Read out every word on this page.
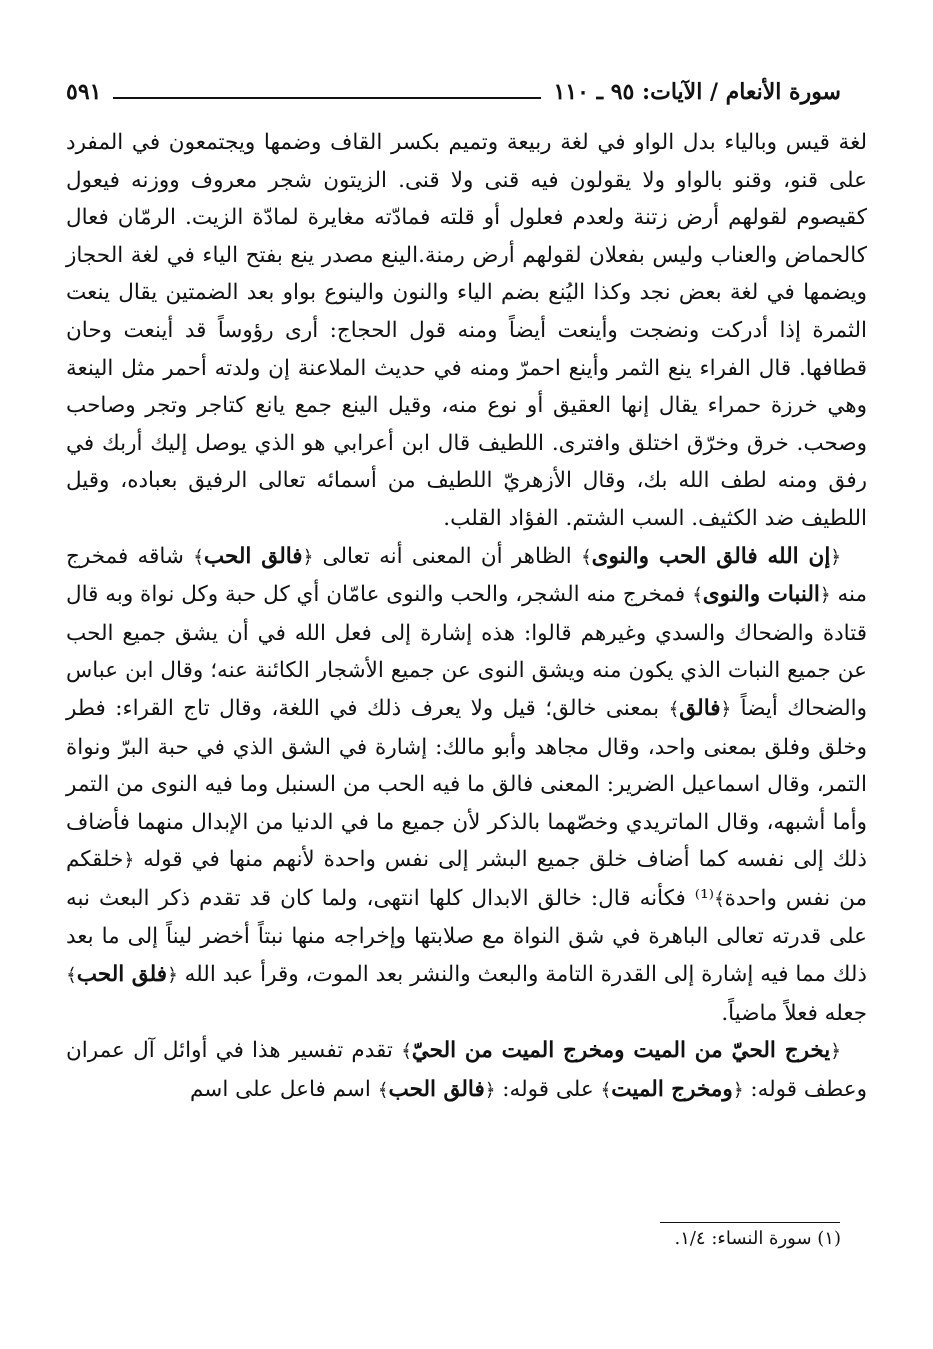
سورة الأنعام / الآيات: ٩٥ ـ ١١٠
٥٩١

لغة قيس وبالياء بدل الواو في لغة ربيعة وتميم بكسر القاف وضمها ويجتمعون في المفرد على قنو، وقنو بالواو ولا يقولون فيه قنى ولا قنى. الزيتون شجر معروف ووزنه فيعول كقيصوم لقولهم أرض زتنة ولعدم فعلول أو قلته فمادّته مغايرة لمادّة الزيت. الرمّان فعال كالحماض والعناب وليس بفعلان لقولهم أرض رمنة.الينع مصدر ينع بفتح الياء في لغة الحجاز ويضمها في لغة بعض نجد وكذا اليُنع بضم الياء والنون والينوع بواو بعد الضمتين يقال ينعت الثمرة إذا أدركت ونضجت وأينعت أيضاً ومنه قول الحجاج: أرى رؤوساً قد أينعت وحان قطافها. قال الفراء ينع الثمر وأينع احمرّ ومنه في حديث الملاعنة إن ولدته أحمر مثل الينعة وهي خرزة حمراء يقال إنها العقيق أو نوع منه، وقيل الينع جمع يانع كتاجر وتجر وصاحب وصحب. خرق وخرّق اختلق وافترى. اللطيف قال ابن أعرابي هو الذي يوصل إليك أربك في رفق ومنه لطف الله بك، وقال الأزهريّ اللطيف من أسمائه تعالى الرفيق بعباده، وقيل اللطيف ضد الكثيف. السب الشتم. الفؤاد القلب.

﴿إن الله فالق الحب والنوى﴾ الظاهر أن المعنى أنه تعالى ﴿فالق الحب﴾ شاقه فمخرج منه ﴿النبات والنوى﴾ فمخرج منه الشجر، والحب والنوى عامّان أي كل حبة وكل نواة وبه قال قتادة والضحاك والسدي وغيرهم قالوا: هذه إشارة إلى فعل الله في أن يشق جميع الحب عن جميع النبات الذي يكون منه ويشق النوى عن جميع الأشجار الكائنة عنه؛ وقال ابن عباس والضحاك أيضاً ﴿فالق﴾ بمعنى خالق؛ قيل ولا يعرف ذلك في اللغة، وقال تاج القراء: فطر وخلق وفلق بمعنى واحد، وقال مجاهد وأبو مالك: إشارة في الشق الذي في حبة البرّ ونواة التمر، وقال اسماعيل الضرير: المعنى فالق ما فيه الحب من السنبل وما فيه النوى من التمر وأما أشبهه، وقال الماتريدي وخصّهما بالذكر لأن جميع ما في الدنيا من الإبدال منهما فأضاف ذلك إلى نفسه كما أضاف خلق جميع البشر إلى نفس واحدة لأنهم منها في قوله ﴿خلقكم من نفس واحدة﴾⁽¹⁾ فكأنه قال: خالق الابدال كلها انتهى، ولما كان قد تقدم ذكر البعث نبه على قدرته تعالى الباهرة في شق النواة مع صلابتها وإخراجه منها نبتاً أخضر ليناً إلى ما بعد ذلك مما فيه إشارة إلى القدرة التامة والبعث والنشر بعد الموت، وقرأ عبد الله ﴿فلق الحب﴾ جعله فعلاً ماضياً.

﴿يخرج الحيّ من الميت ومخرج الميت من الحيّ﴾ تقدم تفسير هذا في أوائل آل عمران وعطف قوله: ﴿ومخرج الميت﴾ على قوله: ﴿فالق الحب﴾ اسم فاعل على اسم

(١) سورة النساء: ١/٤.
